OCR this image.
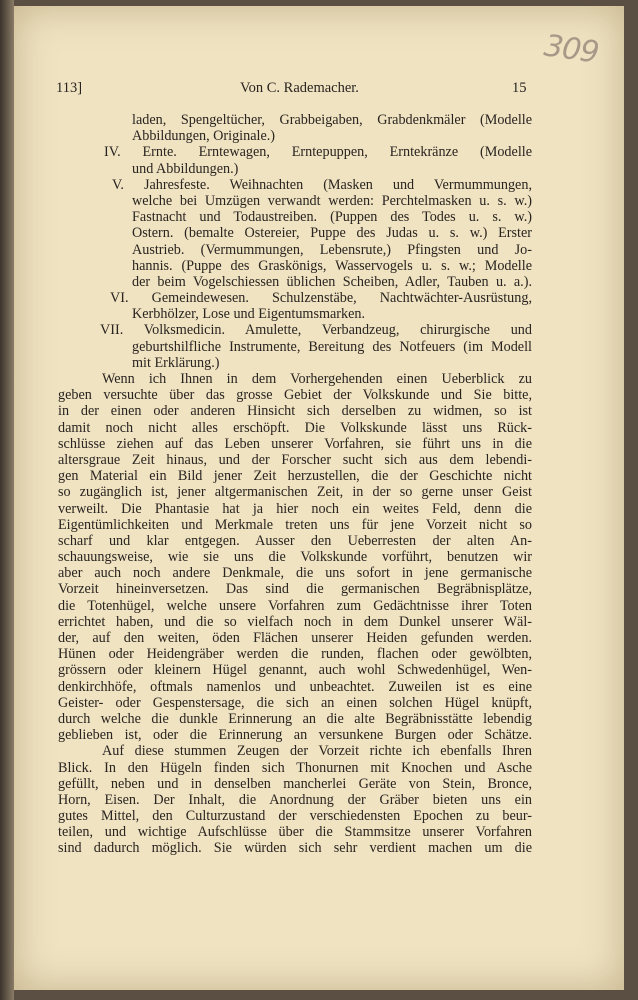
309
113]	Von C. Rademacher.	15
laden, Spengeltücher, Grabbeigaben, Grabdenkmäler (Modelle
Abbildungen, Originale.)
IV. Ernte. Erntewagen, Erntepuppen, Erntekränze (Modelle
und Abbildungen.)
V. Jahresfeste. Weihnachten (Masken und Vermummungen,
welche bei Umzügen verwandt werden: Perchtelmasken u. s. w.)
Fastnacht und Todaustreiben. (Puppen des Todes u. s. w.)
Ostern. (bemalte Ostereier, Puppe des Judas u. s. w.) Erster
Austrieb. (Vermummungen, Lebensrute,) Pfingsten und Jo-
hannis. (Puppe des Graskönigs, Wasservogels u. s. w.; Modelle
der beim Vogelschiessen üblichen Scheiben, Adler, Tauben u. a.).
VI. Gemeindewesen. Schulzenstäbe, Nachtwächter-Ausrüstung,
Kerbhölzer, Lose und Eigentumsmarken.
VII. Volksmedicin. Amulette, Verbandzeug, chirurgische und
geburtshilfliche Instrumente, Bereitung des Notfeuers (im Modell
mit Erklärung.)
Wenn ich Ihnen in dem Vorhergehenden einen Ueberblick zu
geben versuchte über das grosse Gebiet der Volkskunde und Sie bitte,
in der einen oder anderen Hinsicht sich derselben zu widmen, so ist
damit noch nicht alles erschöpft. Die Volkskunde lässt uns Rück-
schlüsse ziehen auf das Leben unserer Vorfahren, sie führt uns in die
altersgraue Zeit hinaus, und der Forscher sucht sich aus dem lebendi-
gen Material ein Bild jener Zeit herzustellen, die der Geschichte nicht
so zugänglich ist, jener altgermanischen Zeit, in der so gerne unser Geist
verweilt. Die Phantasie hat ja hier noch ein weites Feld, denn die
Eigentümlichkeiten und Merkmale treten uns für jene Vorzeit nicht so
scharf und klar entgegen. Ausser den Ueberresten der alten An-
schauungsweise, wie sie uns die Volkskunde vorführt, benutzen wir
aber auch noch andere Denkmale, die uns sofort in jene germanische
Vorzeit hineinversetzen. Das sind die germanischen Begräbnisplätze,
die Totenhügel, welche unsere Vorfahren zum Gedächtnisse ihrer Toten
errichtet haben, und die so vielfach noch in dem Dunkel unserer Wäl-
der, auf den weiten, öden Flächen unserer Heiden gefunden werden.
Hünen oder Heidengräber werden die runden, flachen oder gewölbten,
grössern oder kleinern Hügel genannt, auch wohl Schwedenhügel, Wen-
denkirchhöfe, oftmals namenlos und unbeachtet. Zuweilen ist es eine
Geister- oder Gespenstersage, die sich an einen solchen Hügel knüpft,
durch welche die dunkle Erinnerung an die alte Begräbnisstätte lebendig
geblieben ist, oder die Erinnerung an versunkene Burgen oder Schätze.
Auf diese stummen Zeugen der Vorzeit richte ich ebenfalls Ihren
Blick. In den Hügeln finden sich Thonurnen mit Knochen und Asche
gefüllt, neben und in denselben mancherlei Geräte von Stein, Bronce,
Horn, Eisen. Der Inhalt, die Anordnung der Gräber bieten uns ein
gutes Mittel, den Culturzustand der verschiedensten Epochen zu beur-
teilen, und wichtige Aufschlüsse über die Stammsitze unserer Vorfahren
sind dadurch möglich. Sie würden sich sehr verdient machen um die
